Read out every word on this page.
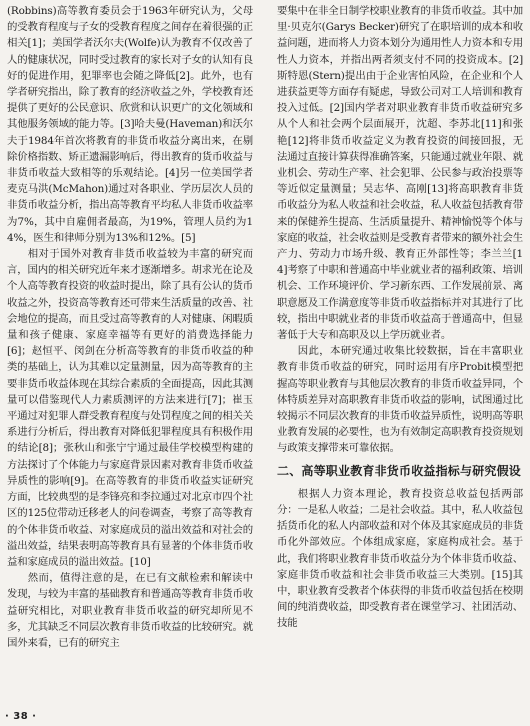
(Robbins)高等教育委员会于1963年研究认为，父母的受教育程度与子女的受教育程度之间存在着很强的正相关[1]；美国学者沃尔夫(Wolfe)认为教育不仅改善了人的健康状况，同时受过教育的家长对子女的认知有良好的促进作用，犯罪率也会随之降低[2]。此外，也有学者研究指出，除了教育的经济收益之外，学校教育还提供了更好的公民意识、欣赏和认识更广的文化领域和其他服务领域的能力等。[3]哈夫曼(Haveman)和沃尔夫于1984年首次将教育的非货币收益分离出来，在剔除价格指数、矫正遗漏影响后，得出教育的货币收益与非货币收益大致相等的乐观结论。[4]另一位美国学者麦克马洪(McMahon)通过对各职业、学历层次人员的非货币收益分析，指出高等教育平均私人非货币收益率为7%，其中自雇佣者最高，为19%，管理人员约为14%，医生和律师分别为13%和12%。[5]

相对于国外对教育非货币收益较为丰富的研究而言，国内的相关研究近年来才逐渐增多。胡求光在论及个人高等教育投资的收益时提出，除了具有公认的货币收益之外，投资高等教育还可带来生活质量的改善、社会地位的提高，而且受过高等教育的人对健康、闲暇质量和孩子健康、家庭幸福等有更好的消费选择能力[6]；赵恒平、闵剑在分析高等教育的非货币收益的种类的基础上，认为其难以定量测量，因为高等教育的主要非货币收益体现在其综合素质的全面提高，因此其测量可以借鉴现代人力素质测评的方法来进行[7]；崔玉平通过对犯罪人群受教育程度与处罚程度之间的相关关系进行分析后，得出教育对降低犯罪程度具有积极作用的结论[8]；张秋山和张宁宁通过最佳学校模型构建的方法探讨了个体能力与家庭背景因素对教育非货币收益异质性的影响[9]。在高等教育的非货币收益实证研究方面，比较典型的是李锋亮和李拉通过对北京市四个社区的125位带动迁移老人的问卷调查，考察了高等教育的个体非货币收益、对家庭成员的溢出效益和对社会的溢出效益，结果表明高等教育具有显著的个体非货币收益和家庭成员的溢出效益。[10]

然而，值得注意的是，在已有文献检索和解读中发现，与较为丰富的基础教育和普通高等教育非货币收益研究相比，对职业教育非货币收益的研究却所见不多，尤其缺乏不同层次教育非货币收益的比较研究。就国外来看，已有的研究主

要集中在非全日制学校职业教育的非货币收益。其中加里·贝克尔(Garys Becker)研究了在职培训的成本和收益问题，进而将人力资本划分为通用性人力资本和专用性人力资本，并指出两者须支付不同的投资成本。[2]斯特恩(Stern)提出由于企业害怕风险，在企业和个人进获益更等方面存有疑虑，导致公司对工人培训和教育投入过低。[2]国内学者对职业教育非货币收益研究多从个人和社会两个层面展开，沈超、李苏北[11]和张艳[12]将非货币收益定义为教育投资的间接回报，无法通过直接计算获得准确答案，只能通过就业年限、就业机会、劳动生产率、社会犯罪、公民参与政治投票等等近似定量测量；吴志华、高刚[13]将高职教育非货币收益分为私人收益和社会收益，私人收益包括教育带来的保健养生提高、生活质量提升、精神愉悦等个体与家庭的收益，社会收益则是受教育者带来的额外社会生产力、劳动力市场升级、教育正外部性等；李兰兰[14]考察了中职和普通高中毕业就业者的福利政策、培训机会、工作环境评价、学习新东西、工作发展前景、离职意愿及工作满意度等非货币收益指标并对其进行了比较，指出中职就业者的非货币收益高于普通高中，但显著低于大专和高职及以上学历就业者。

因此，本研究通过收集比较数据，旨在丰富职业教育非货币收益的研究，同时运用有序Probit模型把握高等职业教育与其他层次教育的非货币收益异同，个体特质差异对高职教育非货币收益的影响，试图通过比较揭示不同层次教育的非货币收益异质性，说明高等职业教育发展的必要性，也为有效制定高职教育投资规划与政策支撑带来可靠依据。

二、高等职业教育非货币收益指标与研究假设

根据人力资本理论，教育投资总收益包括两部分：一是私人收益；二是社会收益。其中，私人收益包括货币化的私人内部收益和对个体及其家庭成员的非货币化外部效应。个体组成家庭，家庭构成社会。基于此，我们将职业教育非货币收益分为个体非货币收益、家庭非货币收益和社会非货币收益三大类别。[15]其中，职业教育受教者个体获得的非货币收益包括在校期间的纯消费收益，即受教育者在课堂学习、社团活动、技能

· 38 ·
